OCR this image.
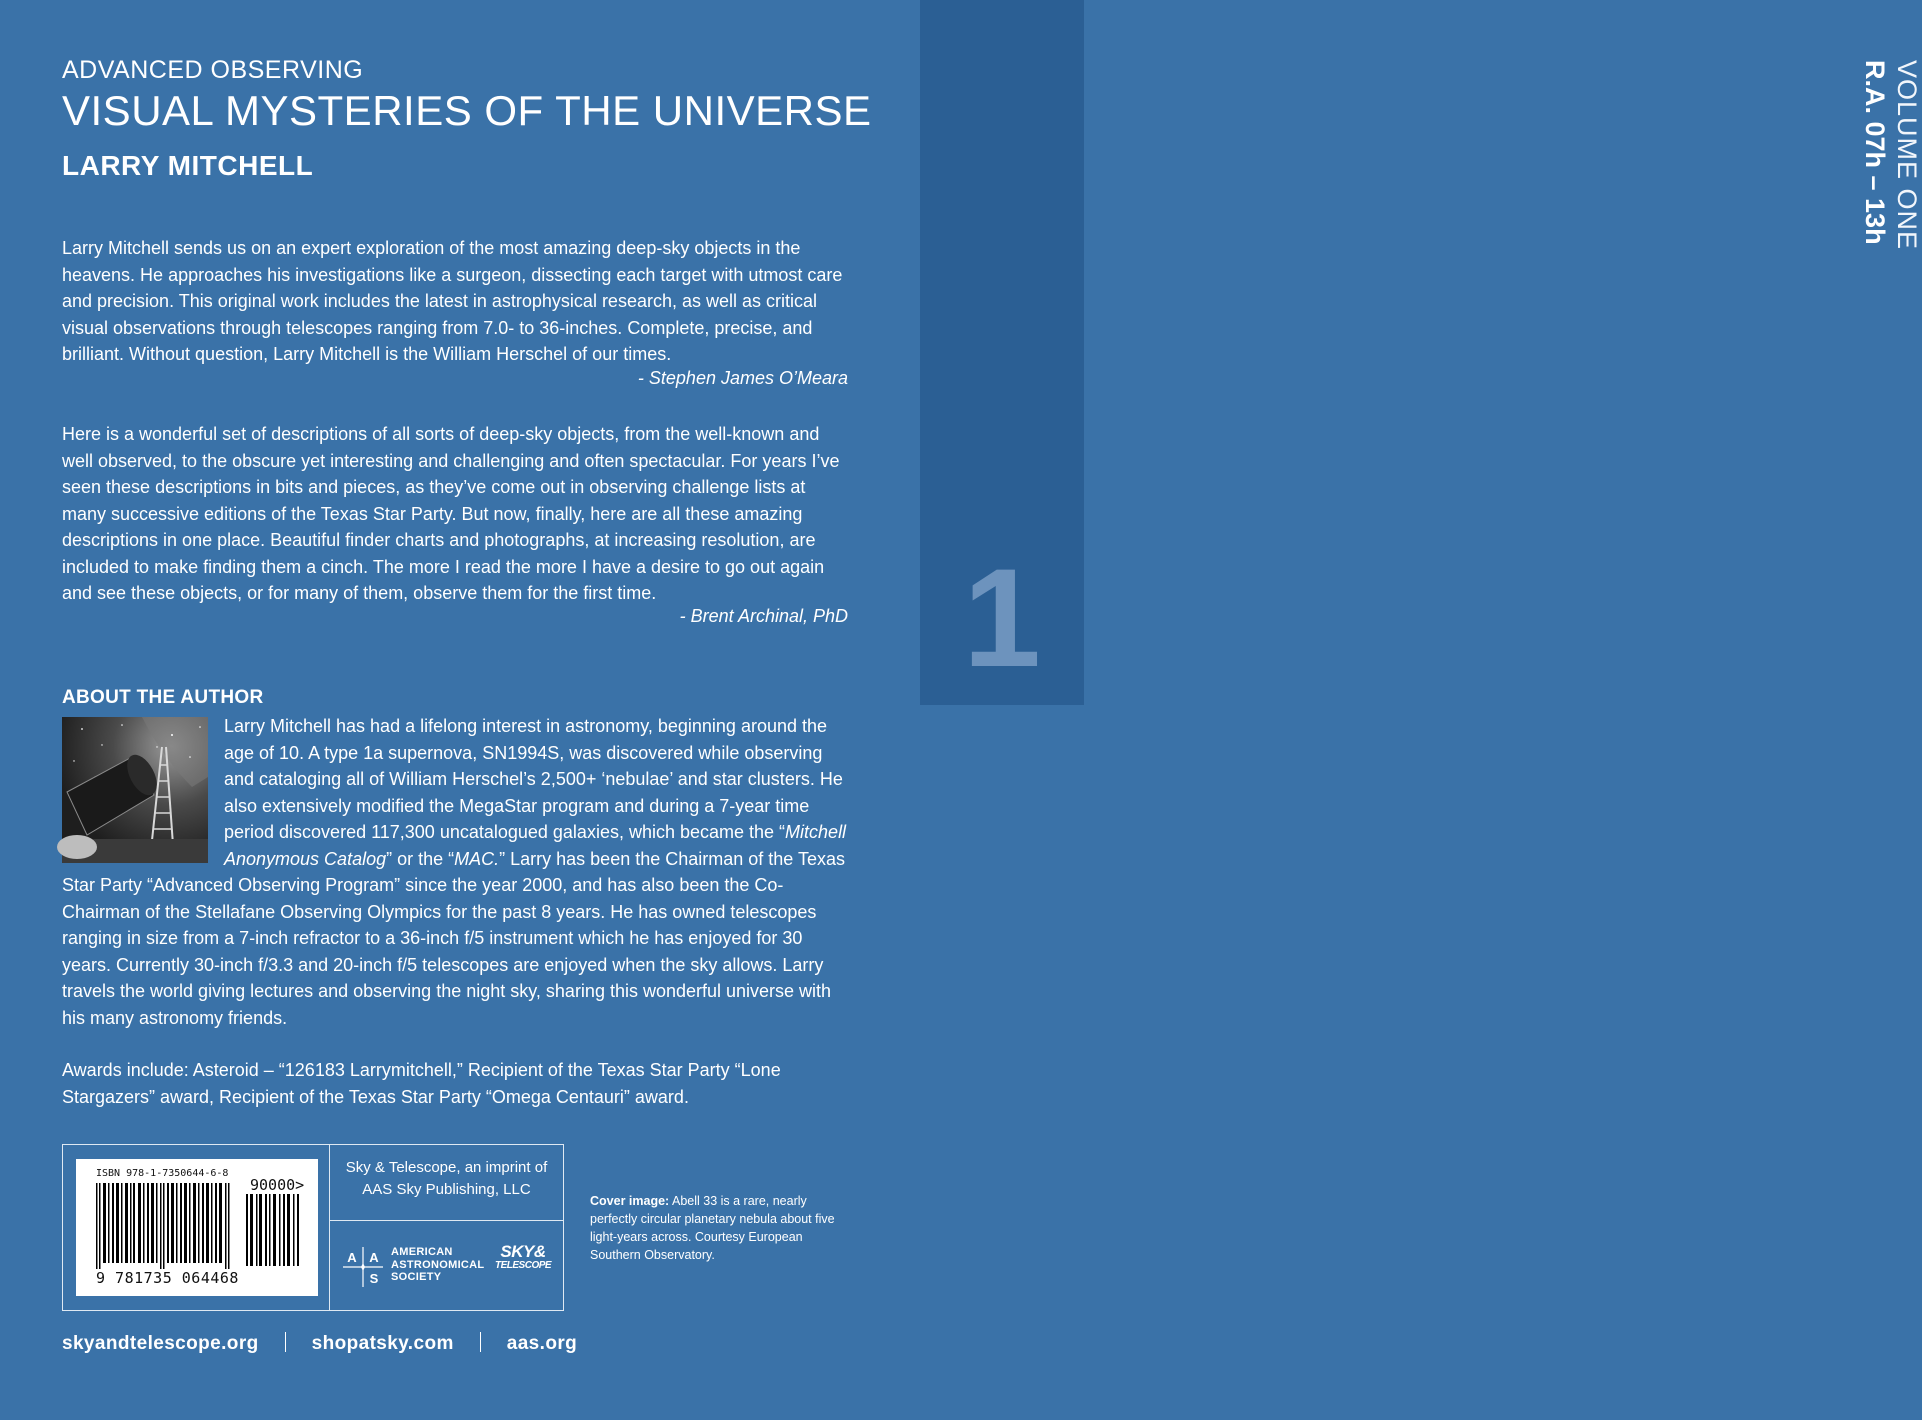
VOLUME ONE
R.A. 07h – 13h
1
ADVANCED OBSERVING
VISUAL MYSTERIES OF THE UNIVERSE
LARRY MITCHELL

Larry Mitchell sends us on an expert exploration of the most amazing deep-sky objects in the heavens. He approaches his investigations like a surgeon, dissecting each target with utmost care and precision. This original work includes the latest in astrophysical research, as well as critical visual observations through telescopes ranging from 7.0- to 36-inches. Complete, precise, and brilliant. Without question, Larry Mitchell is the William Herschel of our times.

- Stephen James O’Meara

Here is a wonderful set of descriptions of all sorts of deep-sky objects, from the well-known and well observed, to the obscure yet interesting and challenging and often spectacular. For years I’ve seen these descriptions in bits and pieces, as they’ve come out in observing challenge lists at many successive editions of the Texas Star Party. But now, finally, here are all these amazing descriptions in one place. Beautiful finder charts and photographs, at increasing resolution, are included to make finding them a cinch. The more I read the more I have a desire to go out again and see these objects, or for many of them, observe them for the first time.

- Brent Archinal, PhD
ABOUT THE AUTHOR

Larry Mitchell has had a lifelong interest in astronomy, beginning around the age of 10. A type 1a supernova, SN1994S, was discovered while observing and cataloging all of William Herschel’s 2,500+ ‘nebulae’ and star clusters. He also extensively modified the MegaStar program and during a 7-year time period discovered 117,300 uncatalogued galaxies, which became the “Mitchell Anonymous Catalog” or the “MAC.” Larry has been the Chairman of the Texas Star Party “Advanced Observing Program” since the year 2000, and has also been the Co-Chairman of the Stellafane Observing Olympics for the past 8 years. He has owned telescopes ranging in size from a 7-inch refractor to a 36-inch f/5 instrument which he has enjoyed for 30 years. Currently 30-inch f/3.3 and 20-inch f/5 telescopes are enjoyed when the sky allows. Larry travels the world giving lectures and observing the night sky, sharing this wonderful universe with his many astronomy friends.

Awards include: Asteroid – “126183 Larrymitchell,” Recipient of the Texas Star Party “Lone Stargazers” award, Recipient of the Texas Star Party “Omega Centauri” award.

ISBN 978-1-7350644-6-8
90000>
9 781735 064468
Sky & Telescope, an imprint of AAS Sky Publishing, LLC
A A
S
AMERICAN
ASTRONOMICAL
SOCIETY
SKY&
TELESCOPE
Cover image: Abell 33 is a rare, nearly perfectly circular planetary nebula about five light-years across. Courtesy European Southern Observatory.
skyandtelescope.org	shopatsky.com	aas.org
